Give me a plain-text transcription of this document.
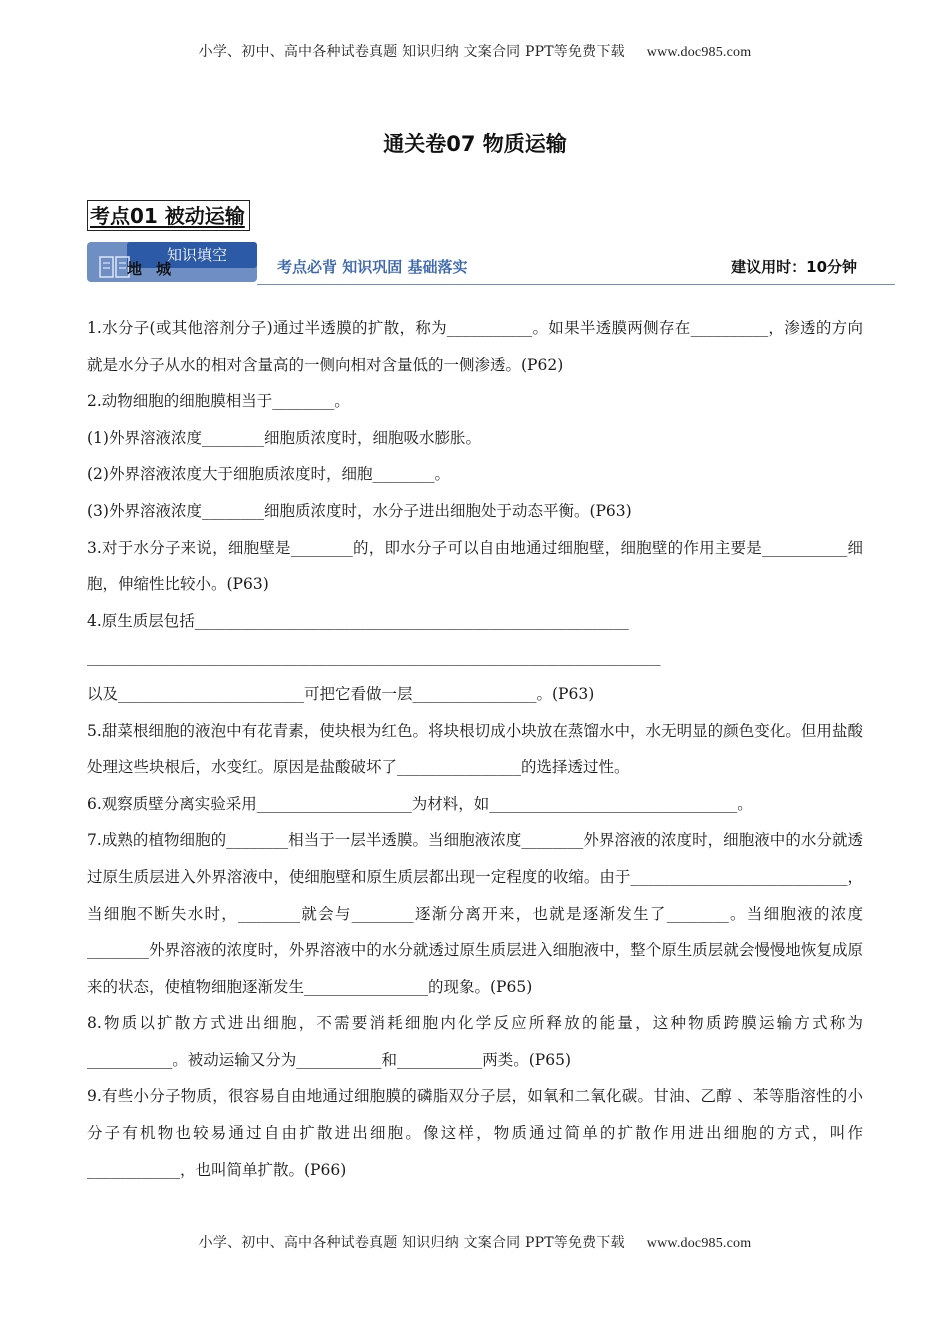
小学、初中、高中各种试卷真题 知识归纳 文案合同 PPT等免费下载 www.doc985.com
通关卷07 物质运输
考点01 被动运输
知识填空
地城	考点必背 知识巩固 基础落实	建议用时：10分钟

1.水分子(或其他溶剂分子)通过半透膜的扩散，称为___________。如果半透膜两侧存在__________，渗透的方向就是水分子从水的相对含量高的一侧向相对含量低的一侧渗透。(P62)

2.动物细胞的细胞膜相当于________。

(1)外界溶液浓度________细胞质浓度时，细胞吸水膨胀。

(2)外界溶液浓度大于细胞质浓度时，细胞________。

(3)外界溶液浓度________细胞质浓度时，水分子进出细胞处于动态平衡。(P63)

3.对于水分子来说，细胞壁是________的，即水分子可以自由地通过细胞壁，细胞壁的作用主要是___________细胞，伸缩性比较小。(P63)

4.原生质层包括________________________________________________________

__________________________________________________________________________

以及________________________可把它看做一层________________。(P63)

5.甜菜根细胞的液泡中有花青素，使块根为红色。将块根切成小块放在蒸馏水中，水无明显的颜色变化。但用盐酸处理这些块根后，水变红。原因是盐酸破坏了________________的选择透过性。

6.观察质壁分离实验采用____________________为材料，如________________________________。

7.成熟的植物细胞的________相当于一层半透膜。当细胞液浓度________外界溶液的浓度时，细胞液中的水分就透过原生质层进入外界溶液中，使细胞壁和原生质层都出现一定程度的收缩。由于____________________________，当细胞不断失水时，________就会与________逐渐分离开来，也就是逐渐发生了________。当细胞液的浓度________外界溶液的浓度时，外界溶液中的水分就透过原生质层进入细胞液中，整个原生质层就会慢慢地恢复成原来的状态，使植物细胞逐渐发生________________的现象。(P65)

8.物质以扩散方式进出细胞，不需要消耗细胞内化学反应所释放的能量，这种物质跨膜运输方式称为___________。被动运输又分为___________和___________两类。(P65)

9.有些小分子物质，很容易自由地通过细胞膜的磷脂双分子层，如氧和二氧化碳。甘油、乙醇 、苯等脂溶性的小分子有机物也较易通过自由扩散进出细胞。像这样，物质通过简单的扩散作用进出细胞的方式，叫作____________，也叫简单扩散。(P66)

小学、初中、高中各种试卷真题 知识归纳 文案合同 PPT等免费下载 www.doc985.com
